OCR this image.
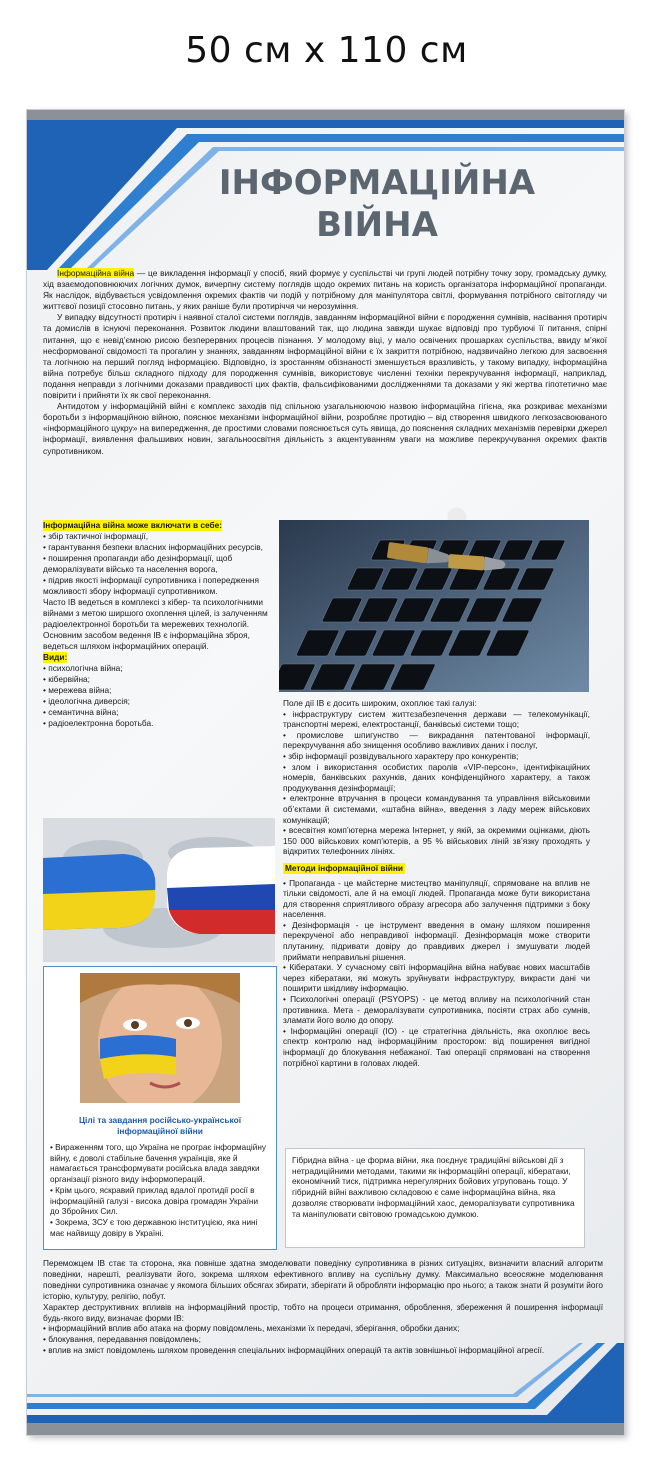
50 см х 110 см
•
ІНФОРМАЦІЙНА
ВІЙНА

Інформаційна війна — це викладення інформації у спосіб, який формує у суспільстві чи групі людей потрібну точку зору, громадську думку, хід взаємодоповнюючих логічних думок, вичерпну систему поглядів щодо окремих питань на користь організатора інформаційної пропаганди. Як наслідок, відбувається усвідомлення окремих фактів чи подій у потрібному для маніпулятора світлі, формування потрібного світогляду чи життєвої позиції стосовно питань, у яких раніше були протиріччя чи нерозуміння.

У випадку відсутності протиріч і наявної сталої системи поглядів, завданням інформаційної війни є породження сумнівів, насівання протиріч та домислів в існуючі переконання. Розвиток людини влаштований так, що людина завжди шукає відповіді про турбуючі її питання, спірні питання, що є невід’ємною рисою безперервних процесів пізнання. У молодому віці, у мало освічених прошарках суспільства, ввиду м’якої несформованої свідомості та прогалин у знаннях, завданням інформаційної війни є їх закриття потрібною, надзвичайно легкою для засвоєння та логічною на перший погляд інформацією. Відповідно, із зростанням обізнаності зменшується вразливість, у такому випадку, інформаційна війна потребує більш складного підходу для породження сумнівів, використовує численні техніки перекручування інформації, наприклад, подання неправди з логічними доказами правдивості цих фактів, фальсифікованими дослідженнями та доказами у які жертва гіпотетично має повірити і прийняти їх як свої переконання.

Антидотом у інформаційній війні є комплекс заходів під спільною узагальнюючою назвою інформаційна гігієна, яка розкриває механізми боротьби з інформаційною війною, пояснює механізми інформаційної війни, розробляє протидію – від створення швидкого легкозасвоюваного «інформаційного цукру» на випередження, де простими словами пояснюється суть явища, до пояснення складних механізмів перевірки джерел інформації, виявлення фальшивих новин, загальноосвітня діяльність з акцентуванням уваги на можливе перекручування окремих фактів супротивником.

Інформаційна війна може включати в себе:
• збір тактичної інформації,
• гарантування безпеки власних інформаційних ресурсів,
• поширення пропаганди або дезінформації, щоб деморалізувати військо та населення ворога,
• підрив якості інформації супротивника і попередження можливості збору інформації супротивником.
Часто ІВ ведеться в комплексі з кібер- та психологічними війнами з метою ширшого охоплення цілей, із залученням радіоелектронної боротьби та мережевих технологій.
Основним засобом ведення ІВ є інформаційна зброя, ведеться шляхом інформаційних операцій.
Види:
• психологічна війна;
• кібервійна;
• мережева війна;
• ідеологічна диверсія;
• семантична війна;
• радіоелектронна боротьба.
Поле дії ІВ є досить широким, охоплює такі галузі:
• інфраструктуру систем життєзабезпечення держави — телекомунікації, транспортні мережі, електростанції, банківські системи тощо;
• промислове шпигунство — викрадання патентованої інформації, перекручування або знищення особливо важливих даних і послуг,
• збір інформації розвідувального характеру про конкурентів;
• злом і використання особистих паролів «VIP-персон», ідентифікаційних номерів, банківських рахунків, даних конфіденційного характеру, а також продукування дезінформації;
• електронне втручання в процеси командування та управління військовими об’єктами й системами, «штабна війна», введення з ладу мереж військових комунікацій;
• всесвітня комп’ютерна мережа Інтернет, у якій, за окремими оцінками, діють 150 000 військових комп’ютерів, а 95 % військових ліній зв’язку проходять у відкритих телефонних лініях.
Методи інформаційної війни
• Пропаганда - це майстерне мистецтво маніпуляції, спрямоване на вплив не тільки свідомості, але й на емоції людей. Пропаганда може бути використана для створення сприятливого образу агресора або залучення підтримки з боку населення.
• Дезінформація - це інструмент введення в оману шляхом поширення перекрученої або неправдивої інформації. Дезінформація може створити плутанину, підривати довіру до правдивих джерел і змушувати людей приймати неправильні рішення.
• Кібератаки. У сучасному світі інформаційна війна набуває нових масштабів через кібератаки, які можуть зруйнувати інфраструктуру, викрасти дані чи поширити шкідливу інформацію.
• Психологічні операції (PSYOPS) - це метод впливу на психологічний стан противника. Мета - деморалізувати супротивника, посіяти страх або сумнів, зламати його волю до опору.
• Інформаційні операції (ІО) - це стратегічна діяльність, яка охоплює весь спектр контролю над інформаційним простором: від поширення вигідної інформації до блокування небажаної. Такі операції спрямовані на створення потрібної картини в головах людей.
Цілі та завдання російсько-української інформаційної війни
• Вираженням того, що Україна не програє інформаційну війну, є доволі стабільне бачення українців, яке й намагається трансформувати російська влада завдяки організації різного виду інформоперацій.
• Крім цього, яскравий приклад вдалої протидії росії в інформаційній галузі - висока довіра громадян України до Збройних Сил.
• Зокрема, ЗСУ є тою державною інституцією, яка нині має найвищу довіру в Україні.
Гібридна війна - це форма війни, яка поєднує традиційні військові дії з нетрадиційними методами, такими як інформаційні операції, кібератаки, економічний тиск, підтримка нерегулярних бойових угруповань тощо. У гібридній війні важливою складовою є саме інформаційна війна, яка дозволяє створювати інформаційний хаос, деморалізувати супротивника та маніпулювати світовою громадською думкою.
Переможцем ІВ стає та сторона, яка повніше здатна змоделювати поведінку супротивника в різних ситуаціях, визначити власний алгоритм поведінки, нарешті, реалізувати його, зокрема шляхом ефективного впливу на суспільну думку. Максимально всеосяжне моделювання поведінки супротивника означає у якомога більших обсягах збирати, зберігати й обробляти інформацію про нього; а також знати й розуміти його історію, культуру, релігію, побут.
Характер деструктивних впливів на інформаційний простір, тобто на процеси отримання, оброблення, збереження й поширення інформації будь-якого виду, визначає форми ІВ:
• інформаційний вплив або атака на форму повідомлень, механізми їх передачі, зберігання, обробки даних;
• блокування, передавання повідомлень;
• вплив на зміст повідомлень шляхом проведення спеціальних інформаційних операцій та актів зовнішньої інформаційної агресії.
